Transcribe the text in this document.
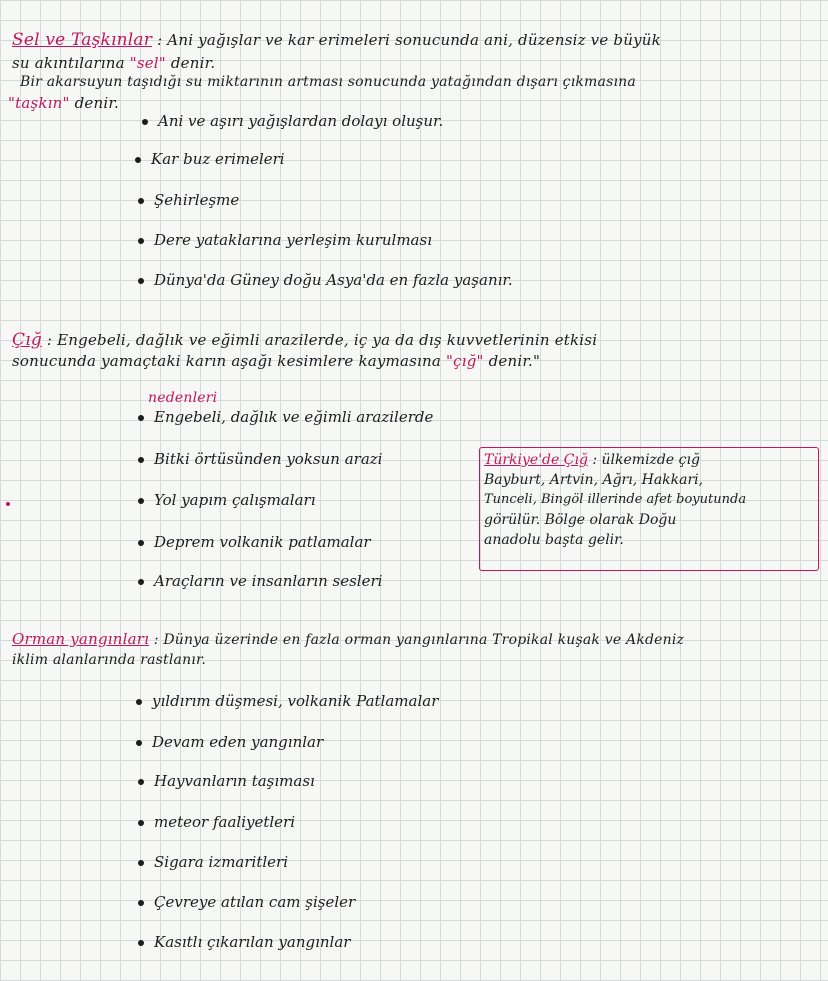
Sel ve Taşkınlar : Ani yağışlar ve kar erimeleri sonucunda ani, düzensiz ve büyük
su akıntılarına "sel" denir.
Bir akarsuyun taşıdığı su miktarının artması sonucunda yatağından dışarı çıkmasına
"taşkın" denir.
Ani ve aşırı yağışlardan dolayı oluşur.
Kar buz erimeleri
Şehirleşme
Dere yataklarına yerleşim kurulması
Dünya'da Güney doğu Asya'da en fazla yaşanır.
Çığ : Engebeli, dağlık ve eğimli arazilerde, iç ya da dış kuvvetlerinin etkisi
sonucunda yamaçtaki karın aşağı kesimlere kaymasına "çığ" denir."
nedenleri
Engebeli, dağlık ve eğimli arazilerde
Bitki örtüsünden yoksun arazi
Yol yapım çalışmaları
Deprem volkanik patlamalar
Araçların ve insanların sesleri
Türkiye'de Çığ : ülkemizde çığ
Bayburt, Artvin, Ağrı, Hakkari,
Tunceli, Bingöl illerinde afet boyutunda
görülür. Bölge olarak Doğu
anadolu başta gelir.
Orman yangınları : Dünya üzerinde en fazla orman yangınlarına Tropikal kuşak ve Akdeniz
iklim alanlarında rastlanır.
yıldırım düşmesi, volkanik Patlamalar
Devam eden yangınlar
Hayvanların taşıması
meteor faaliyetleri
Sigara izmaritleri
Çevreye atılan cam şişeler
Kasıtlı çıkarılan yangınlar
